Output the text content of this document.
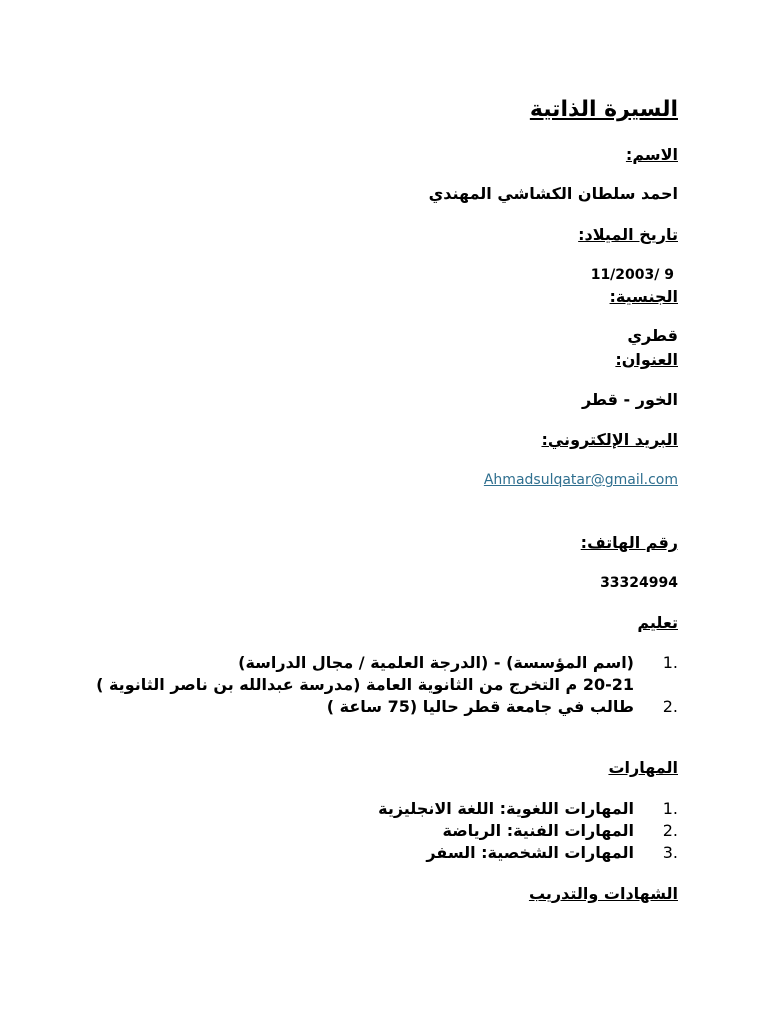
السيرة الذاتية
الاسم:
احمد سلطان الكشاشي المهندي
تاريخ الميلاد:
11/2003/ 9
الجنسية:
قطري
العنوان:
الخور - قطر
البريد الإلكتروني:
Ahmadsulqatar@gmail.com
رقم الهاتف:
33324994
تعليم
1.
(اسم المؤسسة) - (الدرجة العلمية / مجال الدراسة)
20-21 م التخرج من الثانوية العامة (مدرسة عبدالله بن ناصر الثانوية )
2.
طالب في جامعة قطر حاليا (75 ساعة )
المهارات
1.
المهارات اللغوية: اللغة الانجليزية
2.
المهارات الفنية: الرياضة
3.
المهارات الشخصية: السفر
الشهادات والتدريب
